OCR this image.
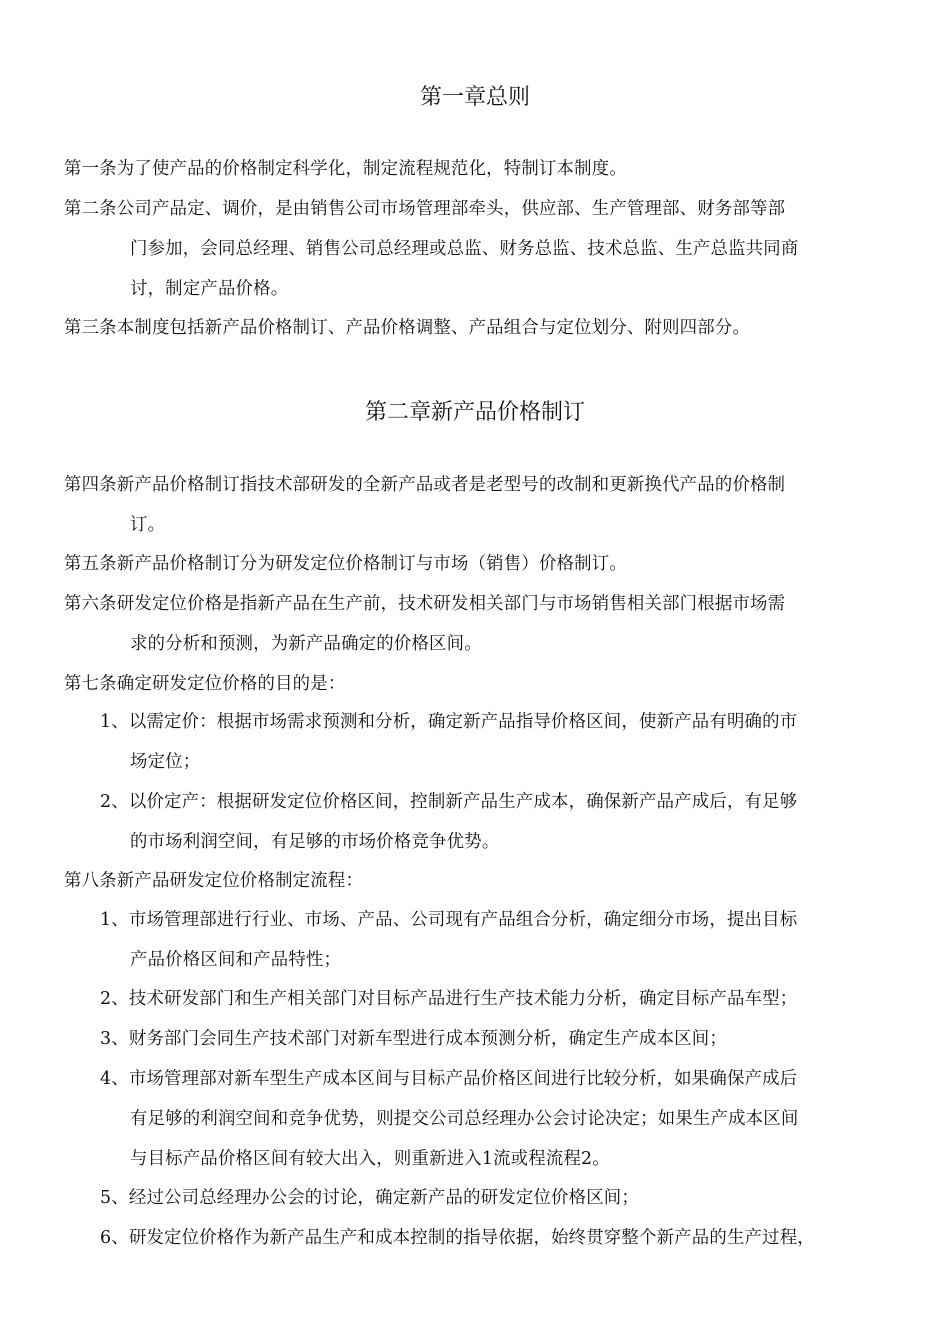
第一章总则

第一条为了使产品的价格制定科学化，制定流程规范化，特制订本制度。

第二条公司产品定、调价，是由销售公司市场管理部牵头，供应部、生产管理部、财务部等部
门参加，会同总经理、销售公司总经理或总监、财务总监、技术总监、生产总监共同商
讨，制定产品价格。

第三条本制度包括新产品价格制订、产品价格调整、产品组合与定位划分、附则四部分。

第二章新产品价格制订

第四条新产品价格制订指技术部研发的全新产品或者是老型号的改制和更新换代产品的价格制
订。

第五条新产品价格制订分为研发定位价格制订与市场（销售）价格制订。

第六条研发定位价格是指新产品在生产前，技术研发相关部门与市场销售相关部门根据市场需
求的分析和预测，为新产品确定的价格区间。

第七条确定研发定位价格的目的是：

1、以需定价：根据市场需求预测和分析，确定新产品指导价格区间，使新产品有明确的市
场定位；

2、以价定产：根据研发定位价格区间，控制新产品生产成本，确保新产品产成后，有足够
的市场利润空间，有足够的市场价格竞争优势。

第八条新产品研发定位价格制定流程：

1、市场管理部进行行业、市场、产品、公司现有产品组合分析，确定细分市场，提出目标
产品价格区间和产品特性；

2、技术研发部门和生产相关部门对目标产品进行生产技术能力分析，确定目标产品车型；

3、财务部门会同生产技术部门对新车型进行成本预测分析，确定生产成本区间；

4、市场管理部对新车型生产成本区间与目标产品价格区间进行比较分析，如果确保产成后
有足够的利润空间和竞争优势，则提交公司总经理办公会讨论决定；如果生产成本区间
与目标产品价格区间有较大出入，则重新进入1流或程流程2。

5、经过公司总经理办公会的讨论，确定新产品的研发定位价格区间；

6、研发定位价格作为新产品生产和成本控制的指导依据，始终贯穿整个新产品的生产过程，
